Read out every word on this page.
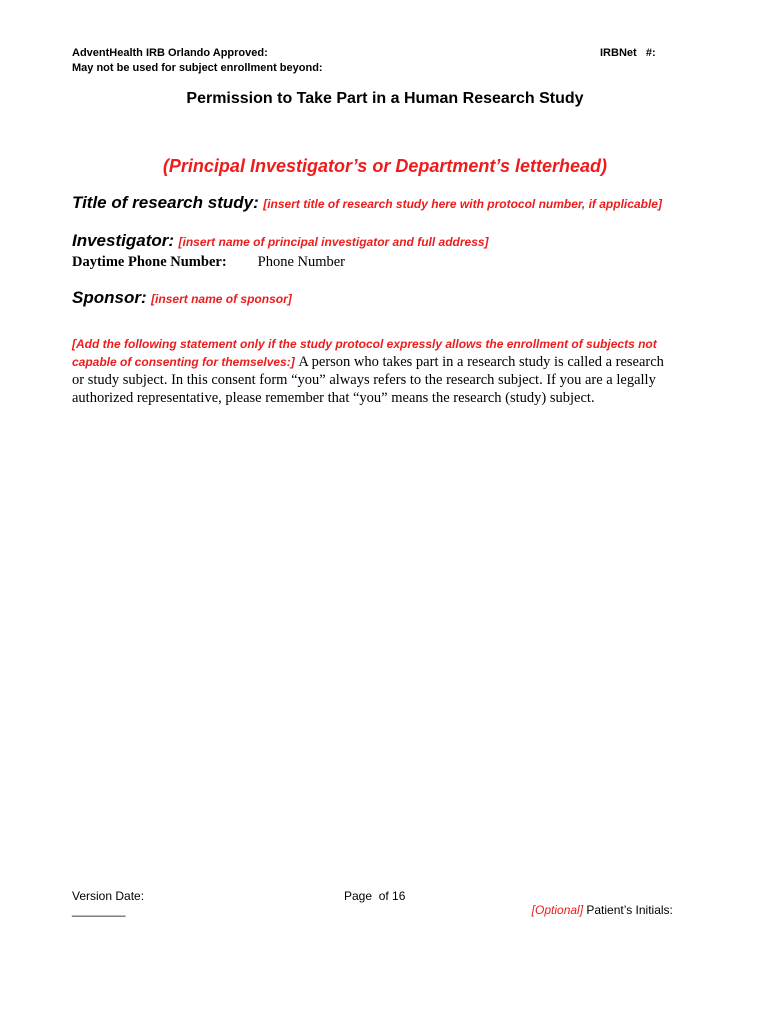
AdventHealth IRB Orlando Approved:
May not be used for subject enrollment beyond:
IRBNet   #:
Permission to Take Part in a Human Research Study
(Principal Investigator’s or Department’s letterhead)
Title of research study: [insert title of research study here with protocol number, if applicable]
Investigator: [insert name of principal investigator and full address]
Daytime Phone Number: Phone Number
Sponsor: [insert name of sponsor]
[Add the following statement only if the study protocol expressly allows the enrollment of subjects not
capable of consenting for themselves:] A person who takes part in a research study is called a research
or study subject. In this consent form “you” always refers to the research subject. If you are a legally
authorized representative, please remember that “you” means the research (study) subject.
Version Date:
________
Page  of 16

[Optional] Patient’s Initials:
